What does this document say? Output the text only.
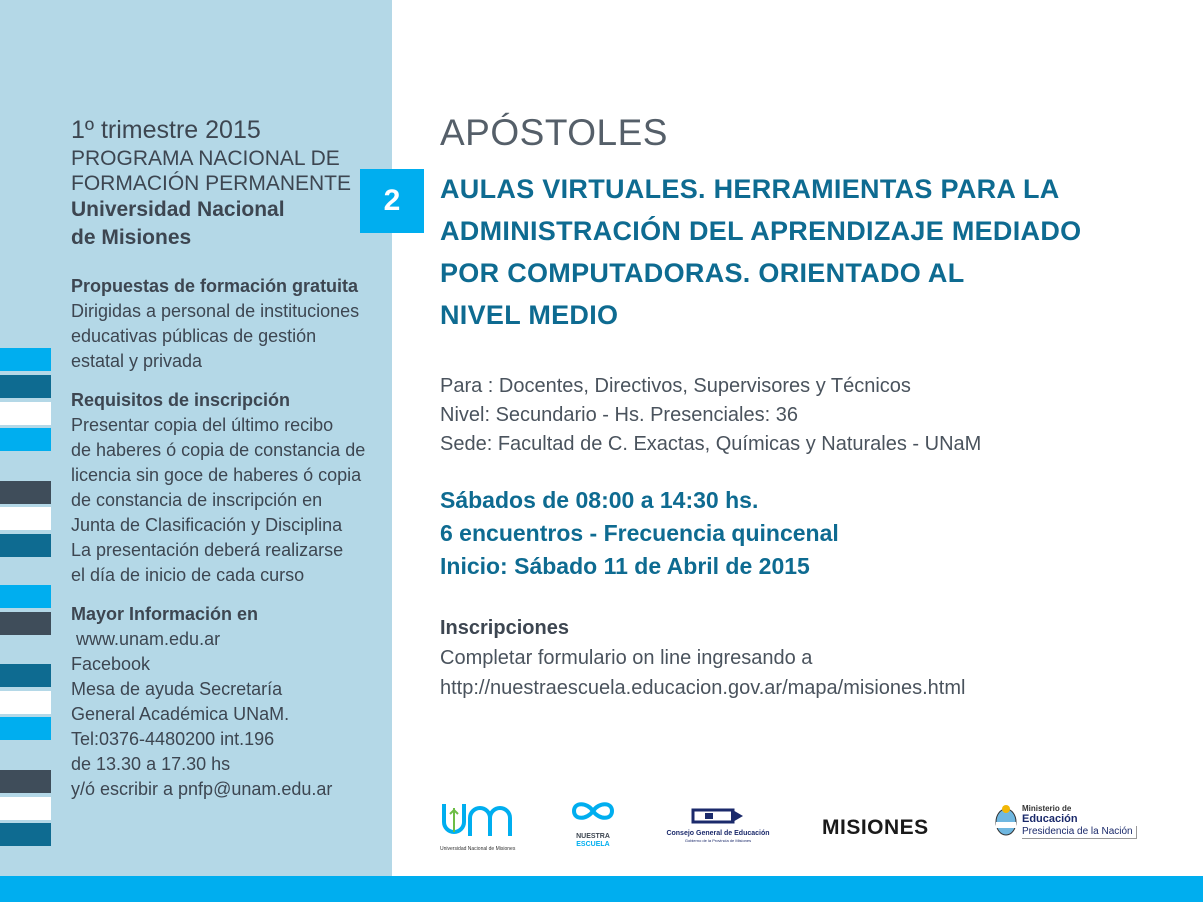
1º trimestre 2015
PROGRAMA NACIONAL DE
FORMACIÓN PERMANENTE
Universidad Nacional
de Misiones
Propuestas de formación gratuita
Dirigidas a personal de instituciones
educativas públicas de gestión
estatal y privada
Requisitos de inscripción
Presentar copia del último recibo
de haberes ó copia de constancia de
licencia sin goce de haberes ó copia
de constancia de inscripción en
Junta de Clasificación y Disciplina
La presentación deberá realizarse
el día de inicio de cada curso
Mayor Información en
www.unam.edu.ar
Facebook
Mesa de ayuda Secretaría
General Académica UNaM.
Tel:0376-4480200 int.196
de 13.30 a 17.30 hs
y/ó escribir a pnfp@unam.edu.ar
2
APÓSTOLES
AULAS VIRTUALES. HERRAMIENTAS PARA LA
ADMINISTRACIÓN DEL APRENDIZAJE MEDIADO
POR COMPUTADORAS. ORIENTADO AL
NIVEL MEDIO
Para : Docentes, Directivos, Supervisores y Técnicos
Nivel: Secundario - Hs. Presenciales: 36
Sede: Facultad de C. Exactas, Químicas y Naturales - UNaM
Sábados de 08:00 a 14:30 hs.
6 encuentros - Frecuencia quincenal
Inicio: Sábado 11 de Abril de 2015
Inscripciones
Completar formulario on line ingresando a
http://nuestraescuela.educacion.gov.ar/mapa/misiones.html
Universidad Nacional de Misiones
NUESTRA
ESCUELA
Consejo General de Educación
Gobierno de la Provincia de Misiones
MISIONES
Ministerio de
Educación
Presidencia de la Nación
